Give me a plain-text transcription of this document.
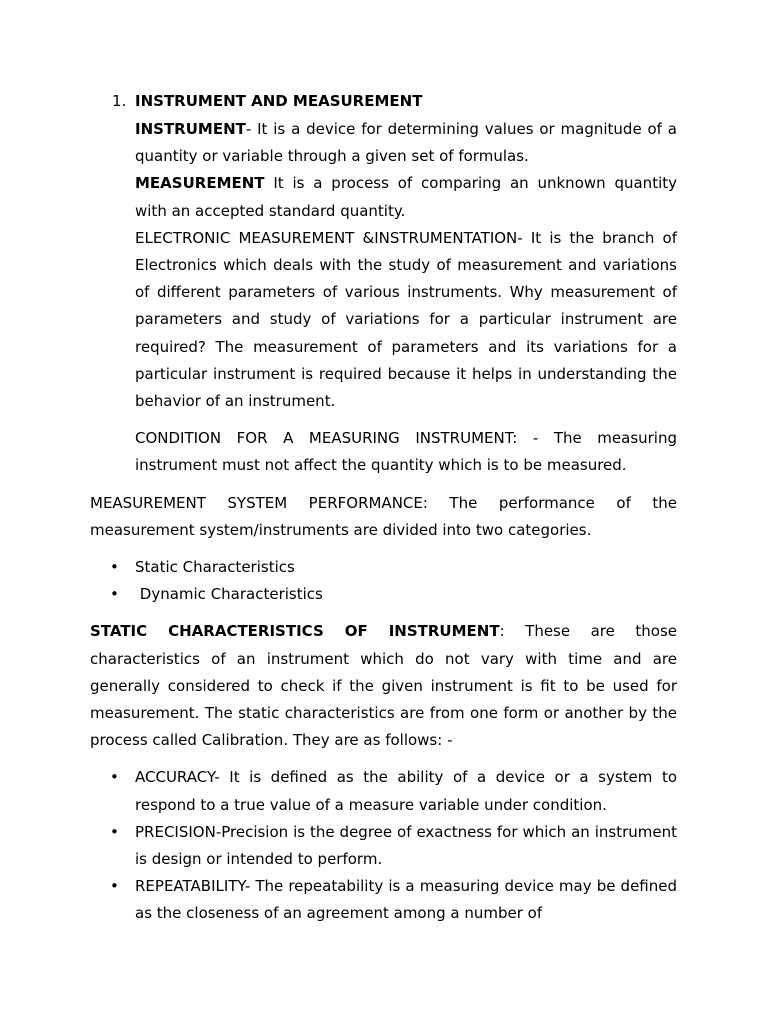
1. INSTRUMENT AND MEASUREMENT

INSTRUMENT- It is a device for determining values or magnitude of a quantity or variable through a given set of formulas.

MEASUREMENT It is a process of comparing an unknown quantity with an accepted standard quantity.

ELECTRONIC MEASUREMENT &INSTRUMENTATION- It is the branch of Electronics which deals with the study of measurement and variations of different parameters of various instruments. Why measurement of parameters and study of variations for a particular instrument are required? The measurement of parameters and its variations for a particular instrument is required because it helps in understanding the behavior of an instrument.

CONDITION FOR A MEASURING INSTRUMENT: - The measuring instrument must not affect the quantity which is to be measured.

MEASUREMENT SYSTEM PERFORMANCE: The performance of the measurement system/instruments are divided into two categories.

• Static Characteristics
• Dynamic Characteristics

STATIC CHARACTERISTICS OF INSTRUMENT: These are those characteristics of an instrument which do not vary with time and are generally considered to check if the given instrument is fit to be used for measurement. The static characteristics are from one form or another by the process called Calibration. They are as follows: -

• ACCURACY- It is defined as the ability of a device or a system to respond to a true value of a measure variable under condition.
• PRECISION-Precision is the degree of exactness for which an instrument is design or intended to perform.
• REPEATABILITY- The repeatability is a measuring device may be defined as the closeness of an agreement among a number of
